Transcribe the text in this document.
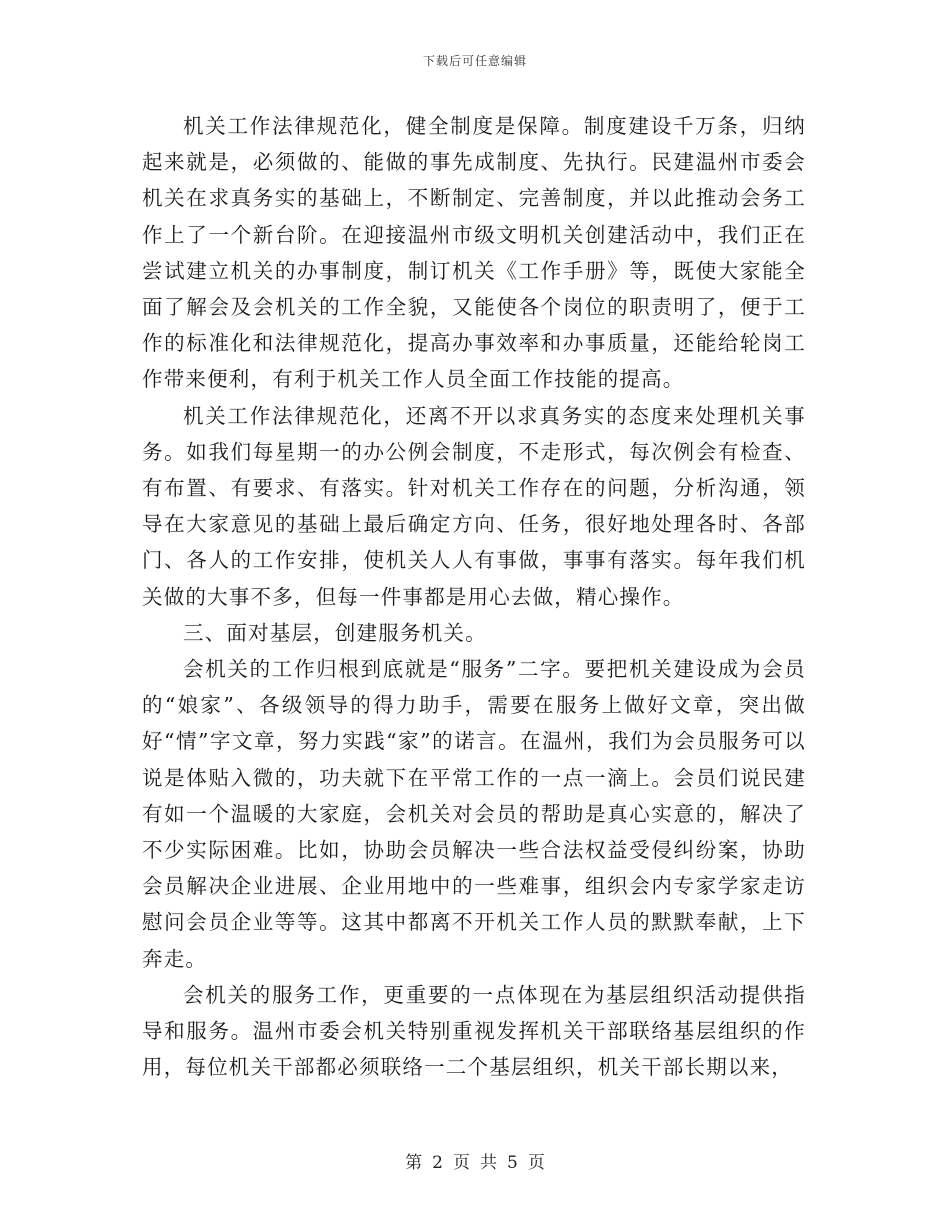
下载后可任意编辑

机关工作法律规范化，健全制度是保障。制度建设千万条，归纳起来就是，必须做的、能做的事先成制度、先执行。民建温州市委会机关在求真务实的基础上，不断制定、完善制度，并以此推动会务工作上了一个新台阶。在迎接温州市级文明机关创建活动中，我们正在尝试建立机关的办事制度，制订机关《工作手册》等，既使大家能全面了解会及会机关的工作全貌，又能使各个岗位的职责明了，便于工作的标准化和法律规范化，提高办事效率和办事质量，还能给轮岗工作带来便利，有利于机关工作人员全面工作技能的提高。

机关工作法律规范化，还离不开以求真务实的态度来处理机关事务。如我们每星期一的办公例会制度，不走形式，每次例会有检查、有布置、有要求、有落实。针对机关工作存在的问题，分析沟通，领导在大家意见的基础上最后确定方向、任务，很好地处理各时、各部门、各人的工作安排，使机关人人有事做，事事有落实。每年我们机关做的大事不多，但每一件事都是用心去做，精心操作。

三、面对基层，创建服务机关。

会机关的工作归根到底就是“服务”二字。要把机关建设成为会员的“娘家”、各级领导的得力助手，需要在服务上做好文章，突出做好“情”字文章，努力实践“家”的诺言。在温州，我们为会员服务可以说是体贴入微的，功夫就下在平常工作的一点一滴上。会员们说民建有如一个温暖的大家庭，会机关对会员的帮助是真心实意的，解决了不少实际困难。比如，协助会员解决一些合法权益受侵纠纷案，协助会员解决企业进展、企业用地中的一些难事，组织会内专家学家走访慰问会员企业等等。这其中都离不开机关工作人员的默默奉献，上下奔走。

会机关的服务工作，更重要的一点体现在为基层组织活动提供指导和服务。温州市委会机关特别重视发挥机关干部联络基层组织的作用，每位机关干部都必须联络一二个基层组织，机关干部长期以来，

第 2 页 共 5 页
